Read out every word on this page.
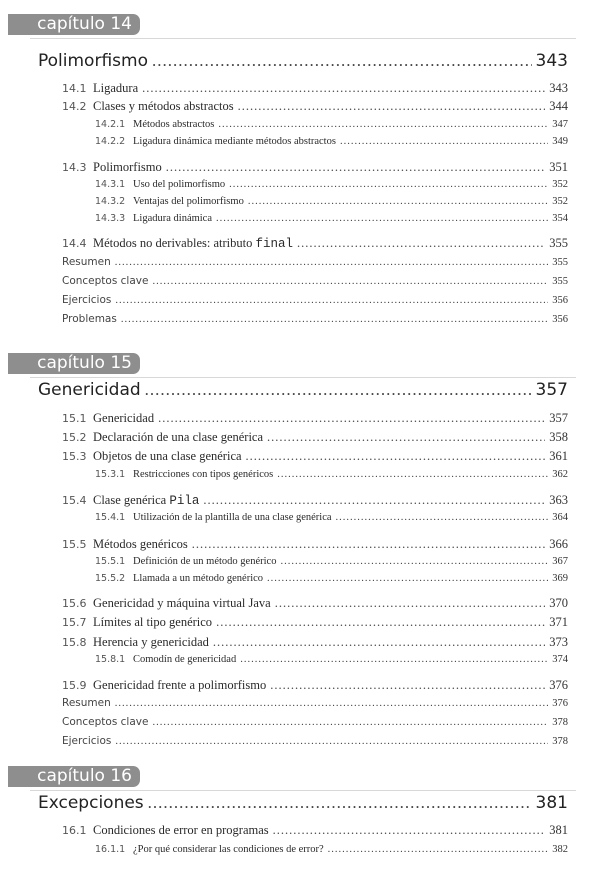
capítulo 14
Polimorfismo .....	343
14.1 Ligadura .....	343
14.2 Clases y métodos abstractos .....	344
14.2.1 Métodos abstractos .....	347
14.2.2 Ligadura dinámica mediante métodos abstractos .....	349
14.3 Polimorfismo .....	351
14.3.1 Uso del polimorfismo .....	352
14.3.2 Ventajas del polimorfismo .....	352
14.3.3 Ligadura dinámica .....	354
14.4 Métodos no derivables: atributo final .....	355
Resumen .....	355
Conceptos clave .....	355
Ejercicios .....	356
Problemas .....	356
capítulo 15
Genericidad .....	357
15.1 Genericidad .....	357
15.2 Declaración de una clase genérica .....	358
15.3 Objetos de una clase genérica .....	361
15.3.1 Restricciones con tipos genéricos .....	362
15.4 Clase genérica Pila .....	363
15.4.1 Utilización de la plantilla de una clase genérica .....	364
15.5 Métodos genéricos .....	366
15.5.1 Definición de un método genérico .....	367
15.5.2 Llamada a un método genérico .....	369
15.6 Genericidad y máquina virtual Java .....	370
15.7 Límites al tipo genérico .....	371
15.8 Herencia y genericidad .....	373
15.8.1 Comodín de genericidad .....	374
15.9 Genericidad frente a polimorfismo .....	376
Resumen .....	376
Conceptos clave .....	378
Ejercicios .....	378
capítulo 16
Excepciones .....	381
16.1 Condiciones de error en programas .....	381
16.1.1 ¿Por qué considerar las condiciones de error? .....	382
